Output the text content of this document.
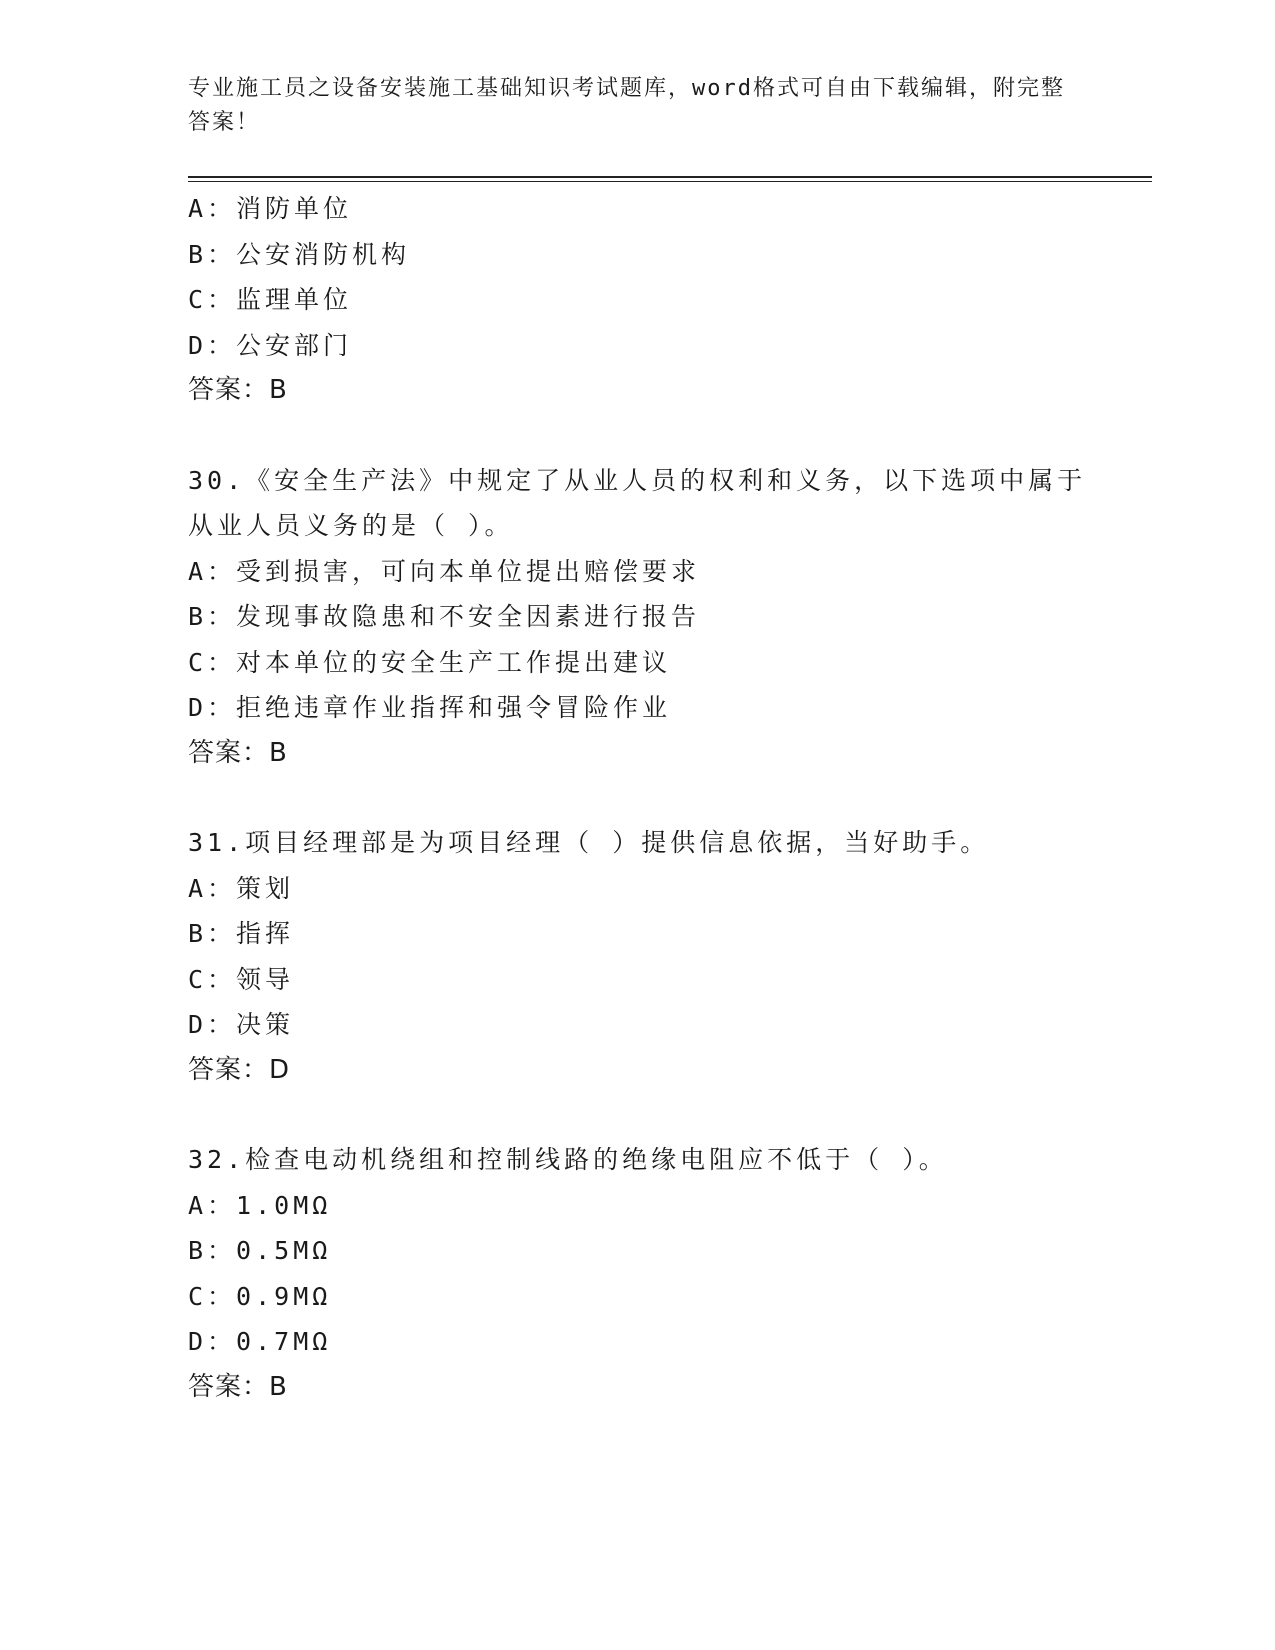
专业施工员之设备安装施工基础知识考试题库，word格式可自由下载编辑，附完整答案！
A：消防单位
B：公安消防机构
C：监理单位
D：公安部门
答案：B
30.《安全生产法》中规定了从业人员的权利和义务，以下选项中属于
从业人员义务的是（ ）。
A：受到损害，可向本单位提出赔偿要求
B：发现事故隐患和不安全因素进行报告
C：对本单位的安全生产工作提出建议
D：拒绝违章作业指挥和强令冒险作业
答案：B
31.项目经理部是为项目经理（ ）提供信息依据，当好助手。
A：策划
B：指挥
C：领导
D：决策
答案：D
32.检查电动机绕组和控制线路的绝缘电阻应不低于（ ）。
A：1.0MΩ
B：0.5MΩ
C：0.9MΩ
D：0.7MΩ
答案：B
